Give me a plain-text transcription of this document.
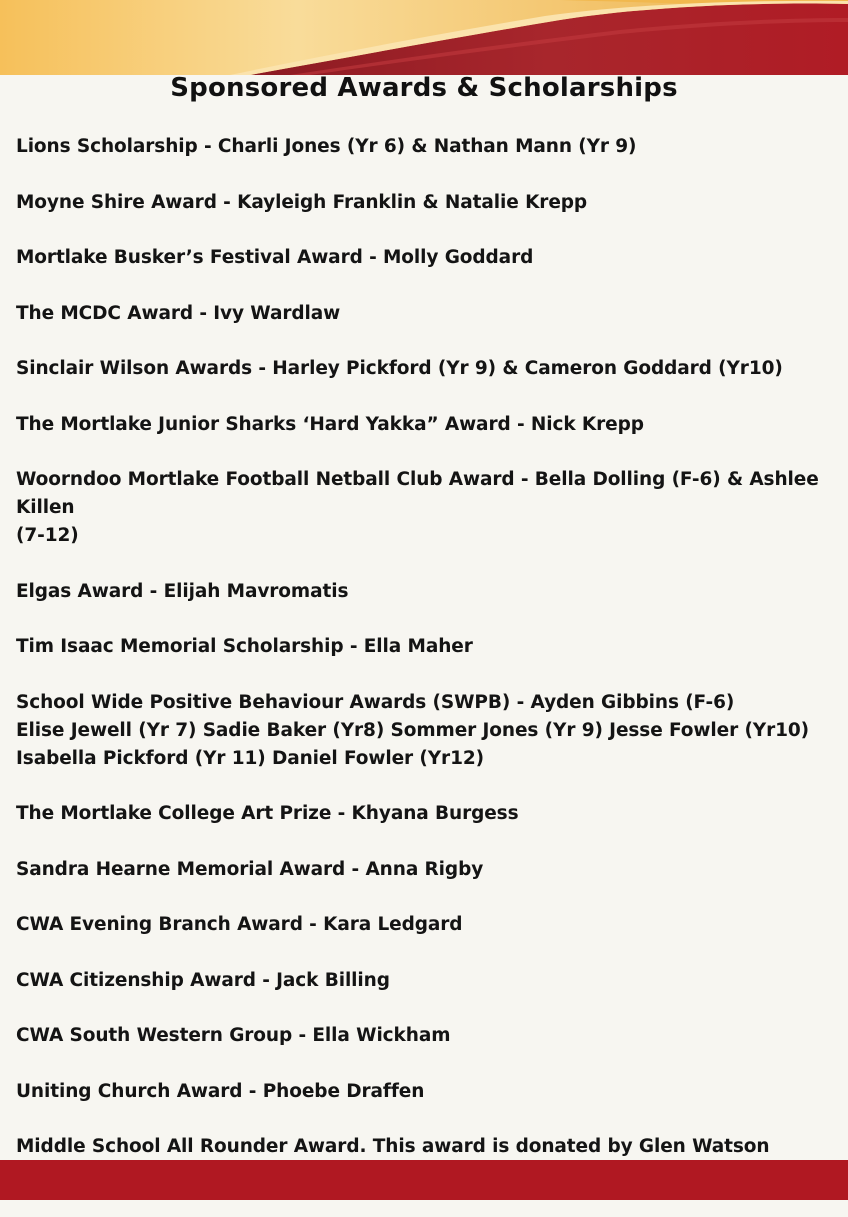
Sponsored Awards & Scholarships
Lions Scholarship - Charli Jones (Yr 6) & Nathan Mann (Yr 9)
Moyne Shire Award - Kayleigh Franklin & Natalie Krepp
Mortlake Busker’s Festival Award - Molly Goddard
The MCDC Award - Ivy Wardlaw
Sinclair Wilson Awards - Harley Pickford (Yr 9) & Cameron Goddard (Yr10)
The Mortlake Junior Sharks ‘Hard Yakka” Award - Nick Krepp
Woorndoo Mortlake Football Netball Club Award - Bella Dolling (F-6) & Ashlee Killen
(7-12)
Elgas Award - Elijah Mavromatis
Tim Isaac Memorial Scholarship - Ella Maher
School Wide Positive Behaviour Awards (SWPB) - Ayden Gibbins (F-6)
Elise Jewell (Yr 7) Sadie Baker (Yr8) Sommer Jones (Yr 9) Jesse Fowler (Yr10)
Isabella Pickford (Yr 11) Daniel Fowler (Yr12)
The Mortlake College Art Prize - Khyana Burgess
Sandra Hearne Memorial Award - Anna Rigby
CWA Evening Branch Award - Kara Ledgard
CWA Citizenship Award - Jack Billing
CWA South Western Group - Ella Wickham
Uniting Church Award - Phoebe Draffen
Middle School All Rounder Award. This award is donated by Glen Watson
